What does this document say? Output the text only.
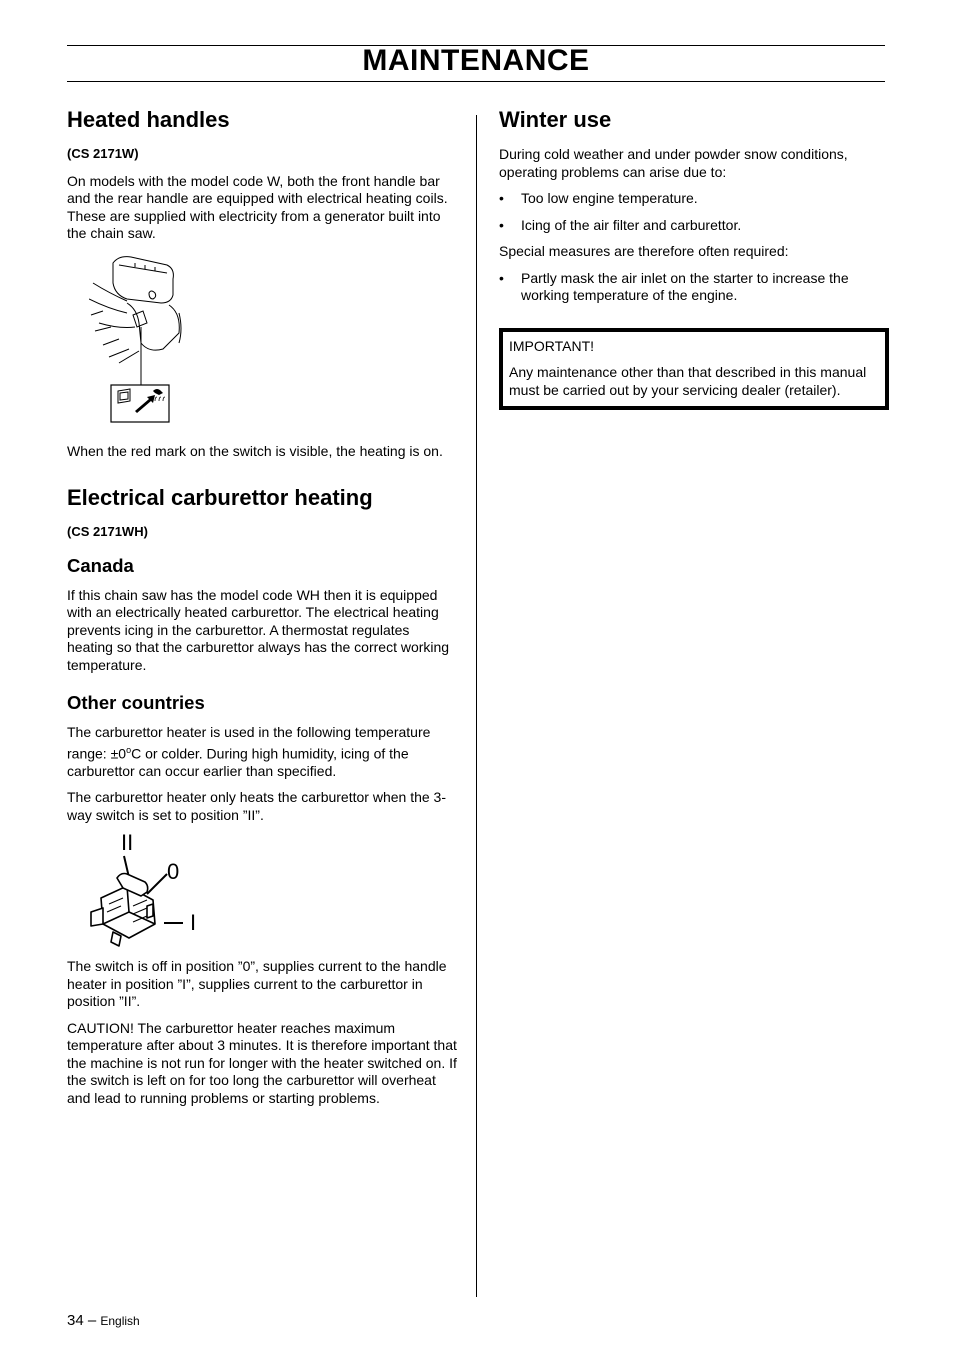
MAINTENANCE
Heated handles

(CS 2171W)

On models with the model code W, both the front handle bar and the rear handle are equipped with electrical heating coils. These are supplied with electricity from a generator built into the chain saw.

When the red mark on the switch is visible, the heating is on.

Electrical carburettor heating

(CS 2171WH)

Canada

If this chain saw has the model code WH then it is equipped with an electrically heated carburettor. The electrical heating prevents icing in the carburettor. A thermostat regulates heating so that the carburettor always has the correct working temperature.

Other countries

The carburettor heater is used in the following temperature range: $\pm 0^oC$ or colder. During high humidity, icing of the carburettor can occur earlier than specified.

The carburettor heater only heats the carburettor when the 3-way switch is set to position ”II”.

II
0
I

The switch is off in position ”0”, supplies current to the handle heater in position ”I”, supplies current to the carburettor in position ”II”.

CAUTION! The carburettor heater reaches maximum temperature after about 3 minutes. It is therefore important that the machine is not run for longer with the heater switched on. If the switch is left on for too long the carburettor will overheat and lead to running problems or starting problems.

Winter use

During cold weather and under powder snow conditions, operating problems can arise due to:

• Too low engine temperature.
• Icing of the air filter and carburettor.

Special measures are therefore often required:

• Partly mask the air inlet on the starter to increase the working temperature of the engine.

IMPORTANT!

Any maintenance other than that described in this manual must be carried out by your servicing dealer (retailer).

34 – English
